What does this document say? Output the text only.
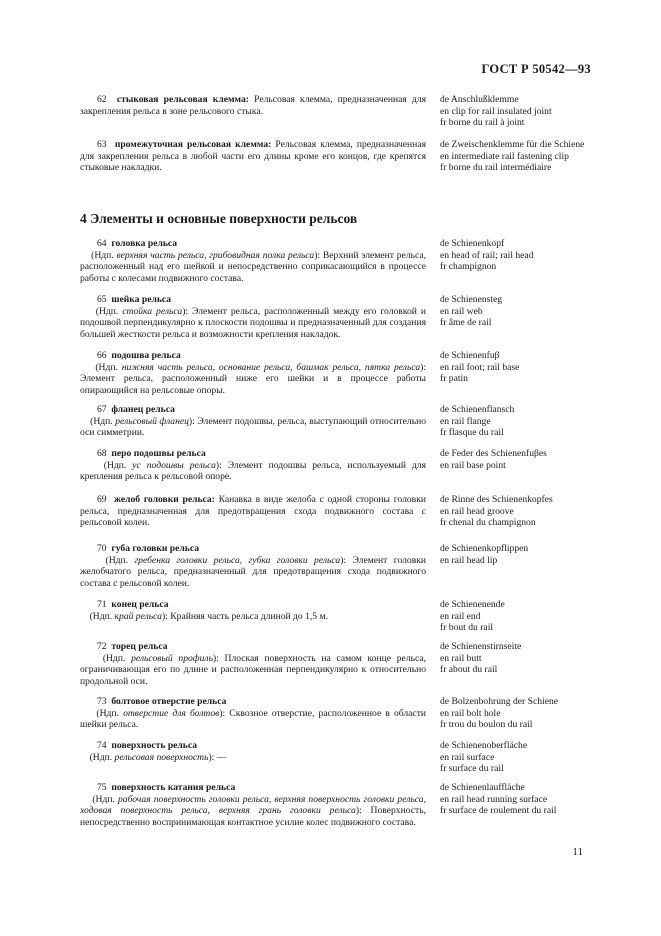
ГОСТ Р 50542—93
4 Элементы и основные поверхности рельсов
11
62 стыковая рельсовая клемма: Рельсовая клемма, предназначенная для закрепления рельса в зоне рельсового стыка.
de Anschlußklemme
en clip for rail insulated joint
fr borne du rail à joint
63 промежуточная рельсовая клемма: Рельсовая клемма, предназначенная для закрепления рельса в любой части его длины кроме его концов, где крепятся стыковые накладки.
de Zweischenklemme für die Schiene
en intermediate rail fastening clip
fr borne du rail intermédiaire
64 головка рельса
(Ндп. верхняя часть рельса, грибовидная полка рельса): Верхний элемент рельса, расположенный над его шейкой и непосредственно соприкасающийся в процессе работы с колесами подвижного состава.
de Schienenkopf
en head of rail; rail head
fr champignon
65 шейка рельса
(Ндп. стойка рельса): Элемент рельса, расположенный между его головкой и подошвой перпендикулярно к плоскости подошвы и предназначенный для создания большей жесткости рельса и возможности крепления накладок.
de Schienensteg
en rail web
fr âme de rail
66 подошва рельса
(Ндп. нижняя часть рельса, основание рельса, башмак рельса, пятка рельса): Элемент рельса, расположенный ниже его шейки и в процессе работы опирающийся на рельсовые опоры.
de Schienenfuβ
en rail foot; rail base
fr patin
67 фланец рельса
(Ндп. рельсовый фланец): Элемент подошвы, рельса, выступающий относительно оси симметрии.
de Schienenflansch
en rail flange
fr flasque du rail
68 перо подошвы рельса
(Ндп. ус подошвы рельса): Элемент подошвы рельса, используемый для крепления рельса к рельсовой опоре.
de Feder des Schienenfuβes
en rail base point
69 желоб головки рельса: Канавка в виде желоба с одной стороны головки рельса, предназначенная для предотвращения схода подвижного состава с рельсовой колеи.
de Rinne des Schienenkopfes
en rail head groove
fr chenal du champignon
70 губа головки рельса
(Ндп. гребенка головки рельса, губка головки рельса): Элемент головки желобчатого рельса, предназначенный для предотвращения схода подвижного состава с рельсовой колеи.
de Schienenkopflippen
en rail head lip
71 конец рельса
(Ндп. край рельса): Крайняя часть рельса длиной до 1,5 м.
de Schienenende
en rail end
fr bout du rail
72 торец рельса
(Ндп. рельсовый профиль): Плоская поверхность на самом конце рельса, ограничивающая его по длине и расположенная перпендикулярно к относительно продольной оси.
de Schienenstirnseite
en rail butt
fr about du rail
73 болтовое отверстие рельса
(Ндп. отверстие для болтов): Сквозное отверстие, расположенное в области шейки рельса.
de Bolzenbohrung der Schiene
en rail bolt hole
fr trou du boulon du rail
74 поверхность рельса
(Ндп. рельсовая поверхность): —
de Schienenoberfläche
en rail surface
fr surface du rail
75 поверхность катания рельса
(Ндп. рабочая поверхность головки рельса, верхняя поверхность головки рельса, ходовая поверхность рельса, верхняя грань головки рельса): Поверхность, непосредственно воспринимающая контактное усилие колес подвижного состава.
de Schienenlauffläche
en rail head running surface
fr surface de roulement du rail
